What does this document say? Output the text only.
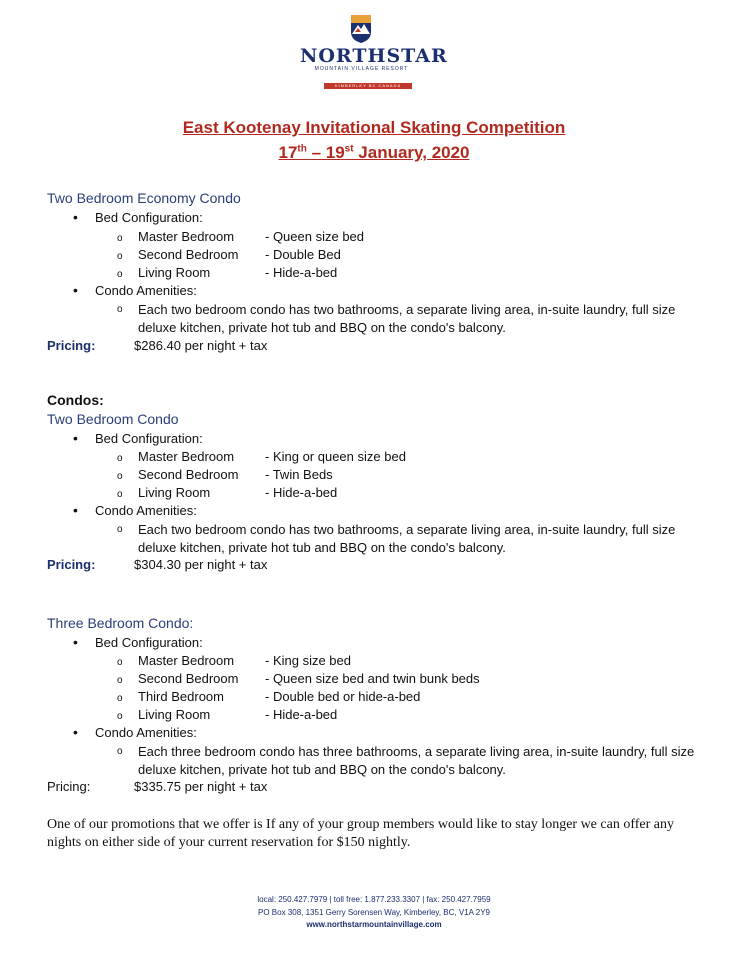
NORTHSTAR
MOUNTAIN VILLAGE RESORT
KIMBERLEY BC CANADA
East Kootenay Invitational Skating Competition
17th – 19st January, 2020
Two Bedroom Economy Condo
• Bed Configuration:
o Master Bedroom - Queen size bed
o Second Bedroom - Double Bed
o Living Room	- Hide-a-bed
• Condo Amenities:
o Each two bedroom condo has two bathrooms, a separate living area, in-suite laundry, full size deluxe kitchen, private hot tub and BBQ on the condo's balcony.
Pricing:	$286.40 per night + tax
Condos:
Two Bedroom Condo
• Bed Configuration:
o Master Bedroom - King or queen size bed
o Second Bedroom - Twin Beds
o Living Room	- Hide-a-bed
• Condo Amenities:
o Each two bedroom condo has two bathrooms, a separate living area, in-suite laundry, full size deluxe kitchen, private hot tub and BBQ on the condo's balcony.
Pricing:	$304.30 per night + tax
Three Bedroom Condo:
• Bed Configuration:
o Master Bedroom - King size bed
o Second Bedroom - Queen size bed and twin bunk beds
o Third Bedroom	- Double bed or hide-a-bed
o Living Room	- Hide-a-bed
• Condo Amenities:
o Each three bedroom condo has three bathrooms, a separate living area, in-suite laundry, full size deluxe kitchen, private hot tub and BBQ on the condo's balcony.
Pricing:	$335.75 per night + tax
One of our promotions that we offer is If any of your group members would like to stay longer we can offer any nights on either side of your current reservation for $150 nightly.
local: 250.427.7979 | toll free: 1.877.233.3307 | fax: 250.427.7959
PO Box 308, 1351 Gerry Sorensen Way, Kimberley, BC, V1A 2Y9
www.northstarmountainvillage.com
